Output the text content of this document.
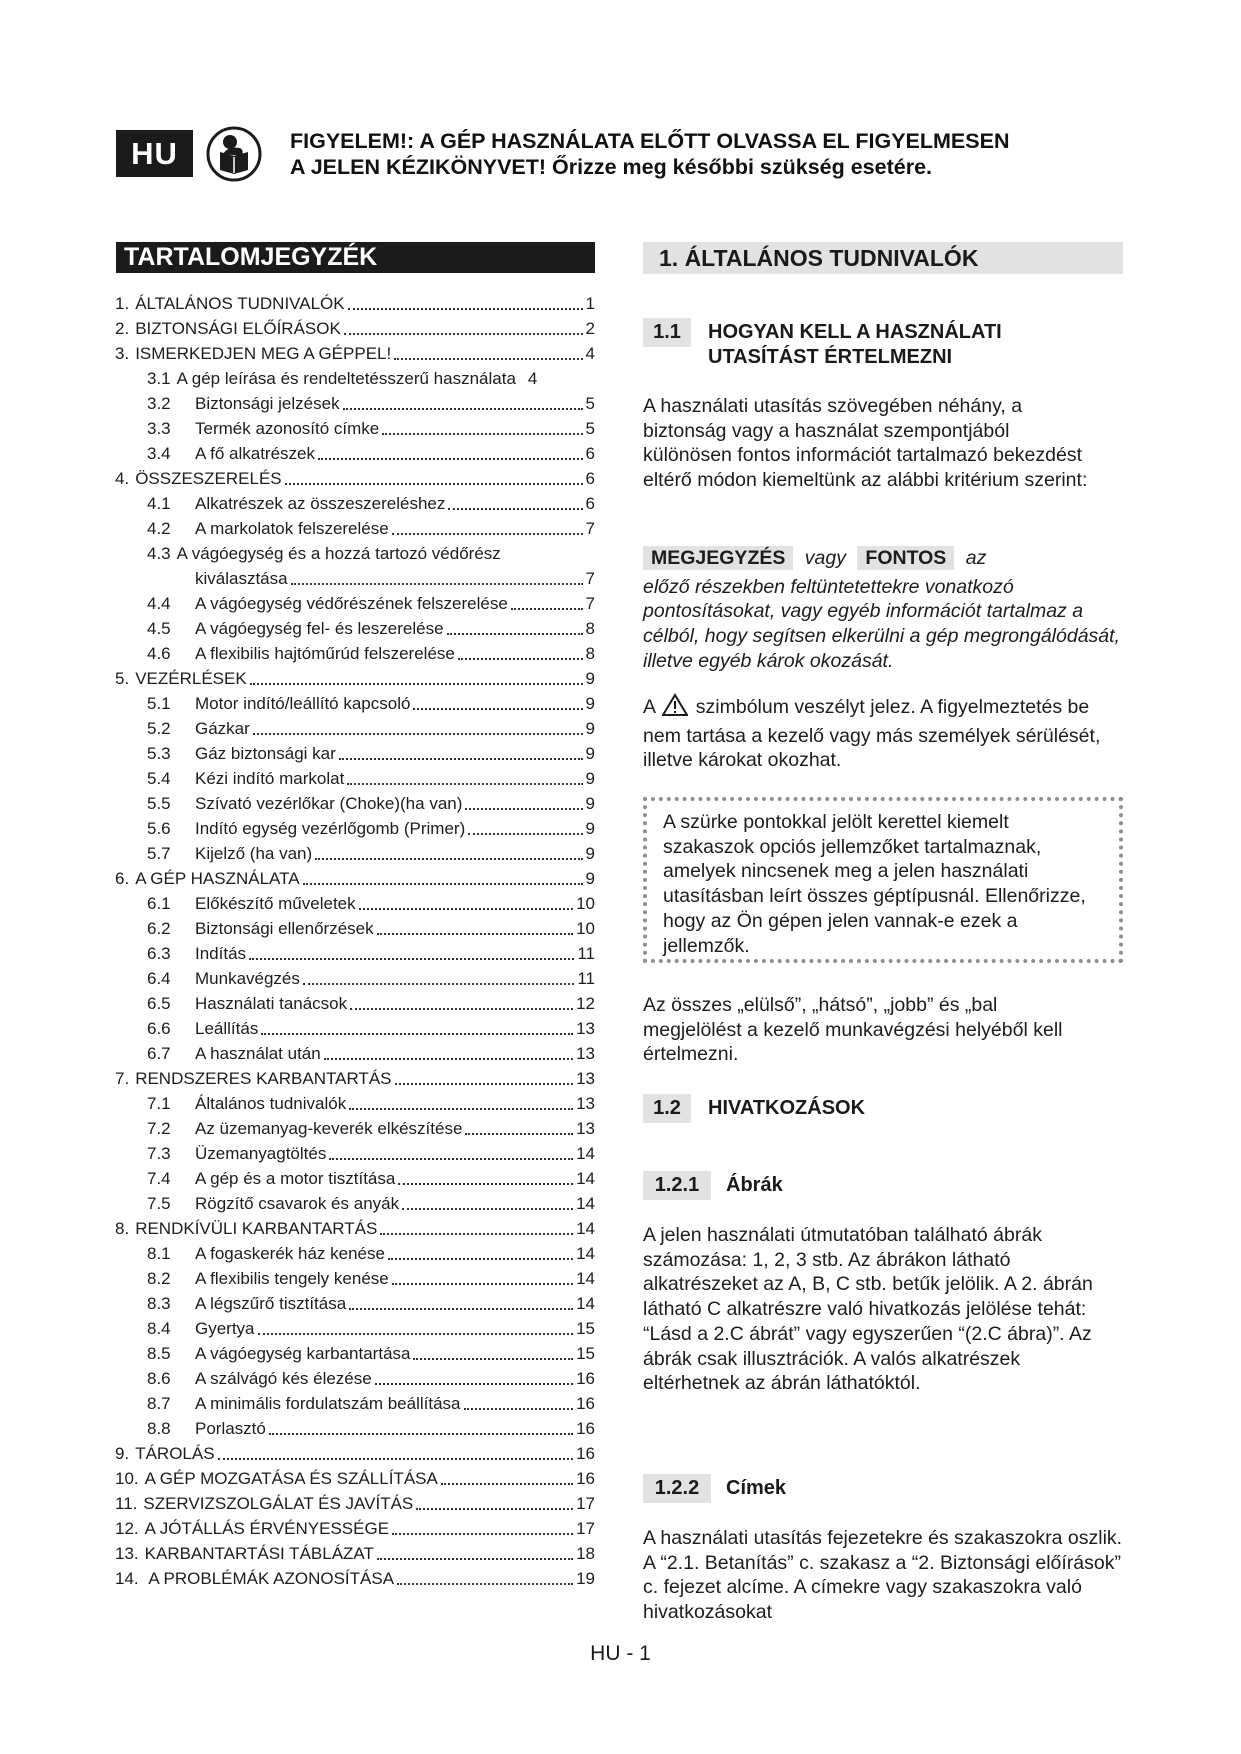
HU	FIGYELEM!: A GÉP HASZNÁLATA ELŐTT OLVASSA EL FIGYELMESEN
A JELEN KÉZIKÖNYVET! Őrizze meg későbbi szükség esetére.
TARTALOMJEGYZÉK
1. ÁLTALÁNOS TUDNIVALÓK	1
2. BIZTONSÁGI ELŐÍRÁSOK	2
3. ISMERKEDJEN MEG A GÉPPEL!	4
3.1 A gép leírása és rendeltetésszerű használata 4
3.2 Biztonsági jelzések	5
3.3 Termék azonosító címke	5
3.4 A fő alkatrészek	6
4. ÖSSZESZERELÉS	6
4.1 Alkatrészek az összeszereléshez	6
4.2 A markolatok felszerelése	7
4.3 A vágóegység és a hozzá tartozó védőrész
kiválasztása	7
4.4 A vágóegység védőrészének felszerelése	7
4.5 A vágóegység fel- és leszerelése	8
4.6 A flexibilis hajtóműrúd felszerelése	8
5. VEZÉRLÉSEK	9
5.1 Motor indító/leállító kapcsoló	9
5.2 Gázkar	9
5.3 Gáz biztonsági kar	9
5.4 Kézi indító markolat	9
5.5 Szívató vezérlőkar (Choke)(ha van)	9
5.6 Indító egység vezérlőgomb (Primer)	9
5.7 Kijelző (ha van)	9
6. A GÉP HASZNÁLATA	9
6.1 Előkészítő műveletek	10
6.2 Biztonsági ellenőrzések	10
6.3 Indítás	11
6.4 Munkavégzés	11
6.5 Használati tanácsok	12
6.6 Leállítás	13
6.7 A használat után	13
7. RENDSZERES KARBANTARTÁS	13
7.1 Általános tudnivalók	13
7.2 Az üzemanyag-keverék elkészítése	13
7.3 Üzemanyagtöltés	14
7.4 A gép és a motor tisztítása	14
7.5 Rögzítő csavarok és anyák	14
8. RENDKÍVÜLI KARBANTARTÁS	14
8.1 A fogaskerék ház kenése	14
8.2 A flexibilis tengely kenése	14
8.3 A légszűrő tisztítása	14
8.4 Gyertya	15
8.5 A vágóegység karbantartása	15
8.6 A szálvágó kés élezése	16
8.7 A minimális fordulatszám beállítása	16
8.8 Porlasztó	16
9. TÁROLÁS	16
10. A GÉP MOZGATÁSA ÉS SZÁLLÍTÁSA	16
11. SZERVIZSZOLGÁLAT ÉS JAVÍTÁS	17
12. A JÓTÁLLÁS ÉRVÉNYESSÉGE	17
13. KARBANTARTÁSI TÁBLÁZAT	18
14. A PROBLÉMÁK AZONOSÍTÁSA	19
1. ÁLTALÁNOS TUDNIVALÓK
1.1	HOGYAN KELL A HASZNÁLATI UTASÍTÁST ÉRTELMEZNI
A használati utasítás szövegében néhány, a biztonság vagy a használat szempontjából különösen fontos információt tartalmazó bekezdést eltérő módon kiemeltünk az alábbi kritérium szerint:
MEGJEGYZÉS vagy FONTOS az
előző részekben feltüntetettekre vonatkozó pontosításokat, vagy egyéb információt tartalmaz a célból, hogy segítsen elkerülni a gép megrongálódását, illetve egyéb károk okozását.
A szimbólum veszélyt jelez. A figyelmeztetés be nem tartása a kezelő vagy más személyek sérülését, illetve károkat okozhat.
A szürke pontokkal jelölt kerettel kiemelt szakaszok opciós jellemzőket tartalmaznak, amelyek nincsenek meg a jelen használati utasításban leírt összes géptípusnál. Ellenőrizze, hogy az Ön gépen jelen vannak-e ezek a jellemzők.
Az összes „elülső”, „hátsó”, „jobb” és „bal megjelölést a kezelő munkavégzési helyéből kell értelmezni.
1.2	HIVATKOZÁSOK
1.2.1	Ábrák
A jelen használati útmutatóban található ábrák számozása: 1, 2, 3 stb. Az ábrákon látható alkatrészeket az A, B, C stb. betűk jelölik. A 2. ábrán látható C alkatrészre való hivatkozás jelölése tehát: “Lásd a 2.C ábrát” vagy egyszerűen “(2.C ábra)”. Az ábrák csak illusztrációk. A valós alkatrészek eltérhetnek az ábrán láthatóktól.
1.2.2	Címek
A használati utasítás fejezetekre és szakaszokra oszlik. A “2.1. Betanítás” c. szakasz a “2. Biztonsági előírások” c. fejezet alcíme. A címekre vagy szakaszokra való hivatkozásokat
HU - 1
